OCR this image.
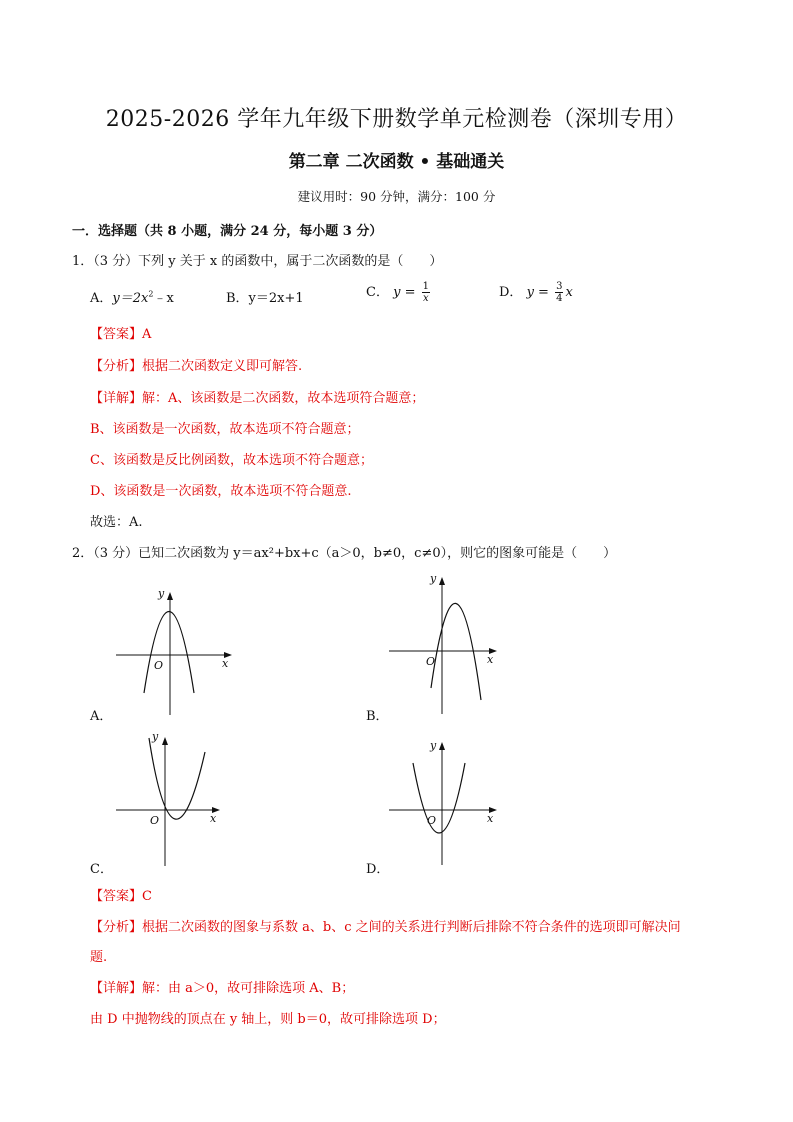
2025-2026 学年九年级下册数学单元检测卷（深圳专用）
第二章 二次函数 • 基础通关
建议用时：90 分钟，满分：100 分
一．选择题（共 8 小题，满分 24 分，每小题 3 分）
1．（3 分）下列 y 关于 x 的函数中，属于二次函数的是（　　）
A．$y=2x^2﹣x$	B．y＝2x+1	C． $y = \frac{1}{x}$	D． $y = \frac{3}{4}$ x
【答案】A
【分析】根据二次函数定义即可解答.
【详解】解：A、该函数是二次函数，故本选项符合题意；
B、该函数是一次函数，故本选项不符合题意；
C、该函数是反比例函数，故本选项不符合题意；
D、该函数是一次函数，故本选项不符合题意.
故选：A.
2．（3 分）已知二次函数为 y＝ax²+bx+c（a＞0，b≠0，c≠0），则它的图象可能是（　　）
x
y
O
A．
x
y
O
B．
x
y
O
C．
x
y
O
D．
【答案】C
【分析】根据二次函数的图象与系数 a、b、c 之间的关系进行判断后排除不符合条件的选项即可解决问
题.
【详解】解：由 a＞0，故可排除选项 A、B；
由 D 中抛物线的顶点在 y 轴上，则 b＝0，故可排除选项 D；
